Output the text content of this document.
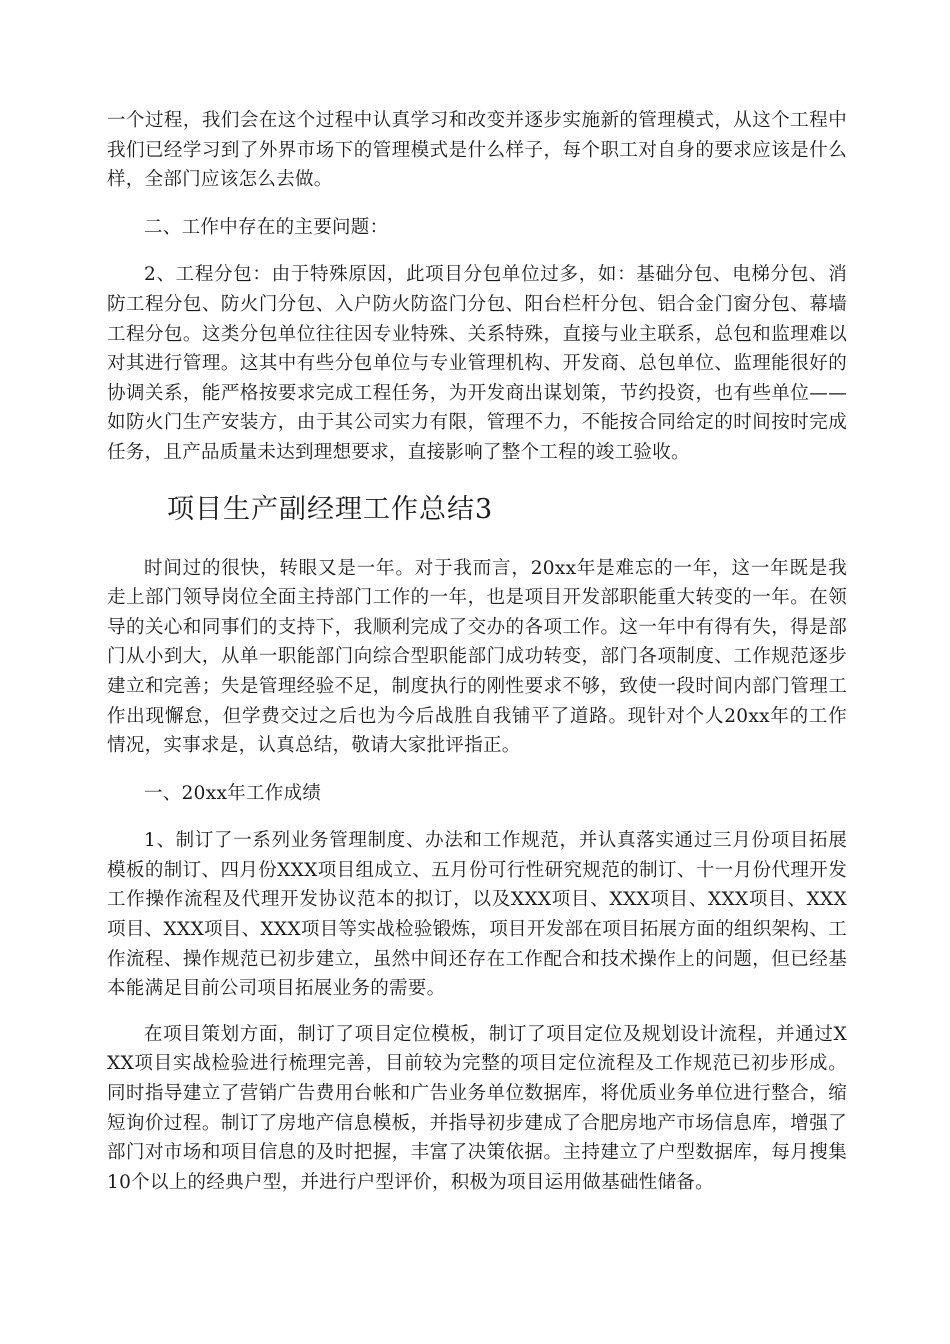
一个过程，我们会在这个过程中认真学习和改变并逐步实施新的管理模式，从这个工程中我们已经学习到了外界市场下的管理模式是什么样子，每个职工对自身的要求应该是什么样，全部门应该怎么去做。

二、工作中存在的主要问题：

2、工程分包：由于特殊原因，此项目分包单位过多，如：基础分包、电梯分包、消防工程分包、防火门分包、入户防火防盗门分包、阳台栏杆分包、铝合金门窗分包、幕墙工程分包。这类分包单位往往因专业特殊、关系特殊，直接与业主联系，总包和监理难以对其进行管理。这其中有些分包单位与专业管理机构、开发商、总包单位、监理能很好的协调关系，能严格按要求完成工程任务，为开发商出谋划策，节约投资，也有些单位——如防火门生产安装方，由于其公司实力有限，管理不力，不能按合同给定的时间按时完成任务，且产品质量未达到理想要求，直接影响了整个工程的竣工验收。

项目生产副经理工作总结3

时间过的很快，转眼又是一年。对于我而言，20xx年是难忘的一年，这一年既是我走上部门领导岗位全面主持部门工作的一年，也是项目开发部职能重大转变的一年。在领导的关心和同事们的支持下，我顺利完成了交办的各项工作。这一年中有得有失，得是部门从小到大，从单一职能部门向综合型职能部门成功转变，部门各项制度、工作规范逐步建立和完善；失是管理经验不足，制度执行的刚性要求不够，致使一段时间内部门管理工作出现懈怠，但学费交过之后也为今后战胜自我铺平了道路。现针对个人20xx年的工作情况，实事求是，认真总结，敬请大家批评指正。

一、20xx年工作成绩

1、制订了一系列业务管理制度、办法和工作规范，并认真落实通过三月份项目拓展模板的制订、四月份XXX项目组成立、五月份可行性研究规范的制订、十一月份代理开发工作操作流程及代理开发协议范本的拟订，以及XXX项目、XXX项目、XXX项目、XXX项目、XXX项目、XXX项目等实战检验锻炼，项目开发部在项目拓展方面的组织架构、工作流程、操作规范已初步建立，虽然中间还存在工作配合和技术操作上的问题，但已经基本能满足目前公司项目拓展业务的需要。

在项目策划方面，制订了项目定位模板，制订了项目定位及规划设计流程，并通过XXX项目实战检验进行梳理完善，目前较为完整的项目定位流程及工作规范已初步形成。同时指导建立了营销广告费用台帐和广告业务单位数据库，将优质业务单位进行整合，缩短询价过程。制订了房地产信息模板，并指导初步建成了合肥房地产市场信息库，增强了部门对市场和项目信息的及时把握，丰富了决策依据。主持建立了户型数据库，每月搜集10个以上的经典户型，并进行户型评价，积极为项目运用做基础性储备。
